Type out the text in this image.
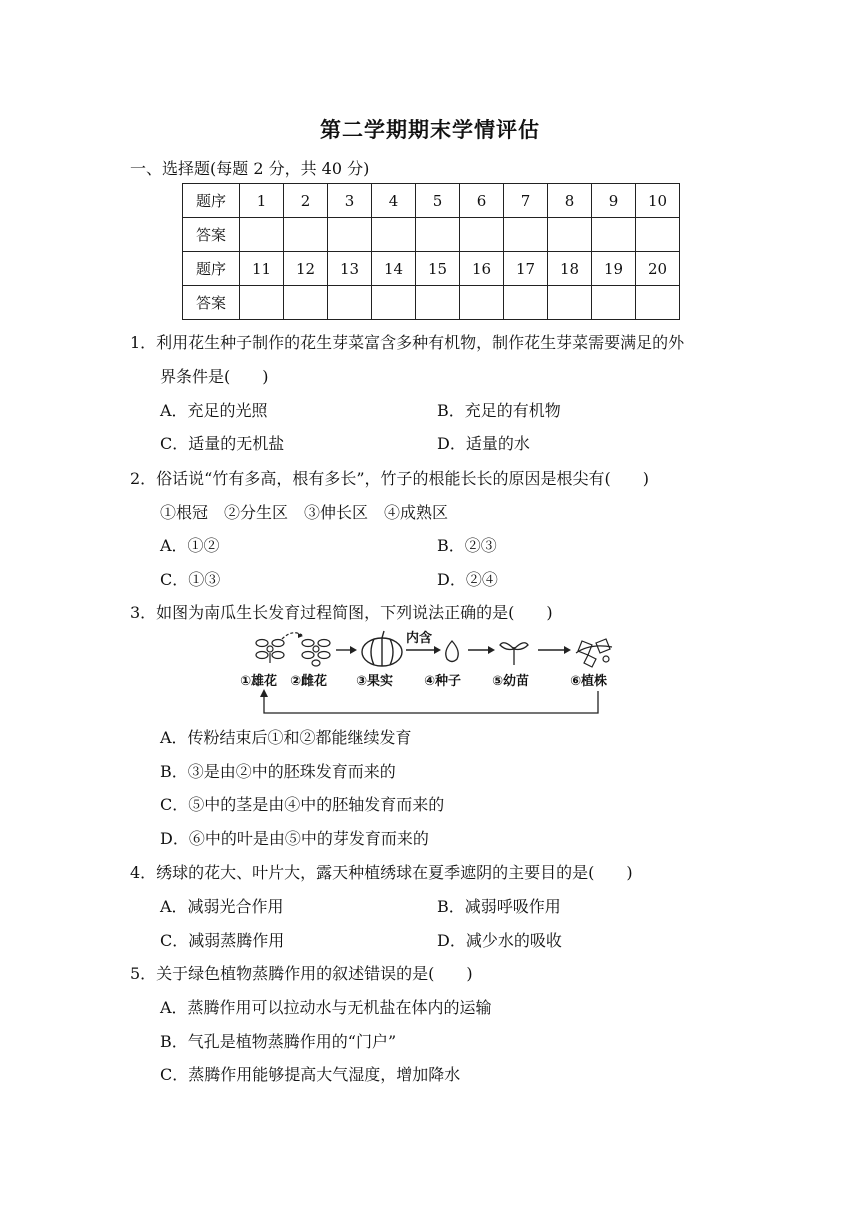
第二学期期末学情评估
一、选择题(每题 2 分，共 40 分)
题序	1	2	3	4	5	6	7	8	9	10
答案										
题序	11	12	13	14	15	16	17	18	19	20
答案										
1．利用花生种子制作的花生芽菜富含多种有机物，制作花生芽菜需要满足的外
界条件是(　　)
A．充足的光照	B．充足的有机物
C．适量的无机盐	D．适量的水
2．俗话说“竹有多高，根有多长”，竹子的根能长长的原因是根尖有(　　)
①根冠　②分生区　③伸长区　④成熟区
A．①②	B．②③
C．①③	D．②④
3．如图为南瓜生长发育过程简图，下列说法正确的是(　　)
内含
①雄花 ②雌花 ③果实 ④种子 ⑤幼苗	⑥植株
A．传粉结束后①和②都能继续发育
B．③是由②中的胚珠发育而来的
C．⑤中的茎是由④中的胚轴发育而来的
D．⑥中的叶是由⑤中的芽发育而来的
4．绣球的花大、叶片大，露天种植绣球在夏季遮阴的主要目的是(　　)
A．减弱光合作用	B．减弱呼吸作用
C．减弱蒸腾作用	D．减少水的吸收
5．关于绿色植物蒸腾作用的叙述错误的是(　　)
A．蒸腾作用可以拉动水与无机盐在体内的运输
B．气孔是植物蒸腾作用的“门户”
C．蒸腾作用能够提高大气湿度，增加降水
